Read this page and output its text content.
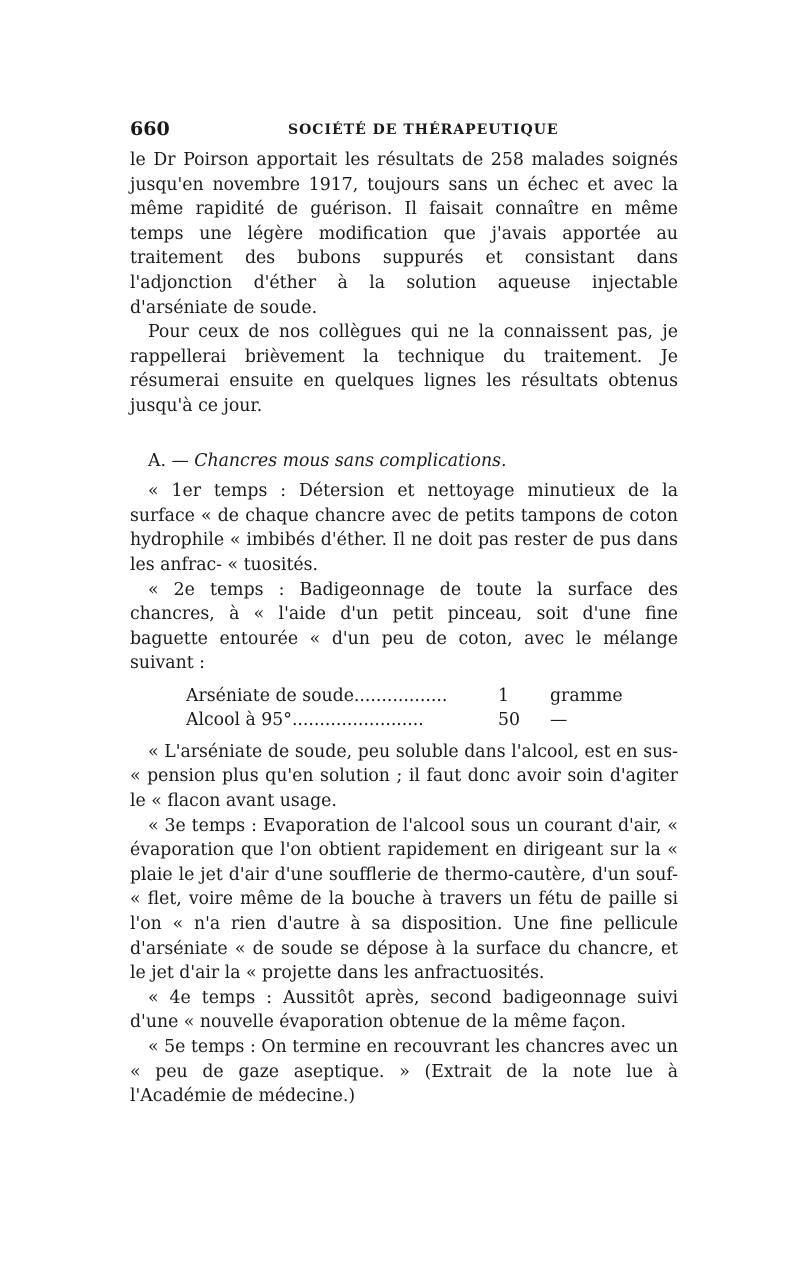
660	SOCIÉTÉ DE THÉRAPEUTIQUE

le Dr Poirson apportait les résultats de 258 malades soignés jusqu'en novembre 1917, toujours sans un échec et avec la même rapidité de guérison. Il faisait connaître en même temps une légère modification que j'avais apportée au traitement des bubons suppurés et consistant dans l'adjonction d'éther à la solution aqueuse injectable d'arséniate de soude.

Pour ceux de nos collègues qui ne la connaissent pas, je rappellerai brièvement la technique du traitement. Je résumerai ensuite en quelques lignes les résultats obtenus jusqu'à ce jour.

A. — Chancres mous sans complications.

« 1er temps : Détersion et nettoyage minutieux de la surface « de chaque chancre avec de petits tampons de coton hydrophile « imbibés d'éther. Il ne doit pas rester de pus dans les anfrac- « tuosités.

« 2e temps : Badigeonnage de toute la surface des chancres, à « l'aide d'un petit pinceau, soit d'une fine baguette entourée « d'un peu de coton, avec le mélange suivant :

Arséniate de soude.................	1	gramme
Alcool à 95°........................	50	—

« L'arséniate de soude, peu soluble dans l'alcool, est en sus- « pension plus qu'en solution ; il faut donc avoir soin d'agiter le « flacon avant usage.

« 3e temps : Evaporation de l'alcool sous un courant d'air, « évaporation que l'on obtient rapidement en dirigeant sur la « plaie le jet d'air d'une soufflerie de thermo-cautère, d'un souf- « flet, voire même de la bouche à travers un fétu de paille si l'on « n'a rien d'autre à sa disposition. Une fine pellicule d'arséniate « de soude se dépose à la surface du chancre, et le jet d'air la « projette dans les anfractuosités.

« 4e temps : Aussitôt après, second badigeonnage suivi d'une « nouvelle évaporation obtenue de la même façon.

« 5e temps : On termine en recouvrant les chancres avec un « peu de gaze aseptique. » (Extrait de la note lue à l'Académie de médecine.)
